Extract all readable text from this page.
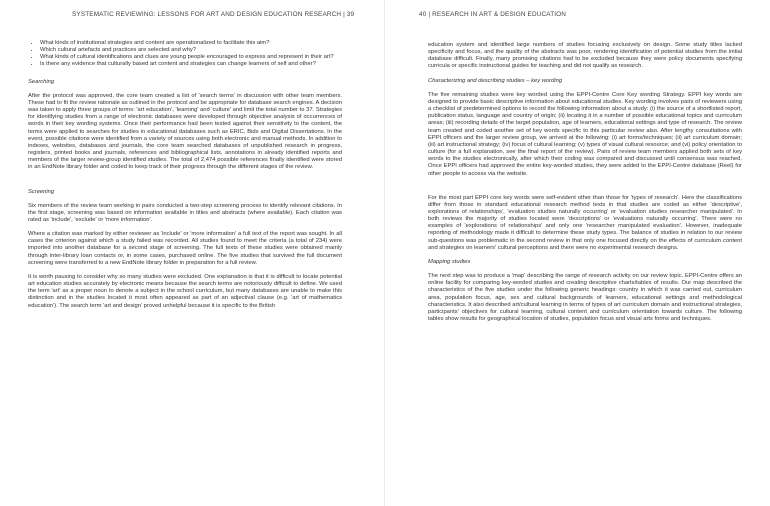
SYSTEMATIC REVIEWING: LESSONS FOR ART AND DESIGN EDUCATION RESEARCH | 39
• What kinds of institutional strategies and content are operationalized to facilitate this aim?
• Which cultural artefacts and practices are selected and why?
• What kinds of cultural identifications and clues are young people encouraged to express and represent in their art?
• Is there any evidence that culturally based art content and strategies can change learners of self and other?

Searching

After the protocol was approved, the core team created a list of 'search terms' in discussion with other team members. These had to fit the review rationale as outlined in the protocol and be appropriate for database search engines. A decision was taken to apply three groups of terms: 'art education', 'learning' and 'culture' and limit the total number to 37. Strategies for identifying studies from a range of electronic databases were developed through objective analysis of occurrences of words in their key wording systems. Once their performance had been tested against their sensitivity to the content, the terms were applied to searches for studies in educational databases such as ERIC, Bids and Digital Dissertations. In the event, possible citations were identified from a variety of sources using both electronic and manual methods. In addition to indexes, websites, databases and journals, the core team searched databases of unpublished research in progress, registers, printed books and journals, references and bibliographical lists, annotations in already identified reports and members of the larger review-group identified studies. The total of 2,474 possible references finally identified were stored in an EndNote library folder and coded to keep track of their progress through the different stages of the review.

Screening

Six members of the review team working in pairs conducted a two-step screening process to identify relevant citations. In the first stage, screening was based on information available in titles and abstracts (where available). Each citation was rated as 'include', 'exclude' or 'more information'.

Where a citation was marked by either reviewer as 'include' or 'more information' a full text of the report was sought. In all cases the criterion against which a study failed was recorded. All studies found to meet the criteria (a total of 234) were imported into another database for a second stage of screening. The full texts of these studies were obtained mainly through inter-library loan contacts or, in some cases, purchased online. The five studies that survived the full document screening were transferred to a new EndNote library folder in preparation for a full review.

It is worth pausing to consider why so many studies were excluded. One explanation is that it is difficult to locate potential art education studies accurately by electronic means because the search terms are notoriously difficult to define. We used the term 'art' as a proper noun to denote a subject in the school curriculum, but many databases are unable to make this distinction and in the studies located it most often appeared as part of an adjectival clause (e.g. 'art of mathematics education'). The search term 'art and design' proved unhelpful because it is specific to the British

40 | RESEARCH IN ART & DESIGN EDUCATION

education system and identified large numbers of studies focusing exclusively on design. Some study titles lacked specificity and focus, and the quality of the abstracts was poor, rendering identification of potential studies from the initial database difficult. Finally, many promising citations had to be excluded because they were policy documents specifying curricula or specific instructional guides for teaching and did not qualify as research.

Characterizing and describing studies – key wording

The five remaining studies were key worded using the EPPI-Centre Core Key wording Strategy. EPPI key words are designed to provide basic descriptive information about educational studies. Key wording involves pairs of reviewers using a checklist of predetermined options to record the following information about a study: (i) the source of a shortlisted report, publication status, language and country of origin; (ii) locating it in a number of possible educational topics and curriculum areas; (iii) recording details of the target population, age of learners, educational settings and type of research. The review team created and coded another set of key words specific to this particular review also. After lengthy consultations with EPPI officers and the larger review group, we arrived at the following: (i) art forms/techniques; (ii) art curriculum domain; (iii) art instructional strategy; (iv) focus of cultural learning; (v) types of visual cultural resource; and (vi) policy orientation to culture (for a full explanation, see the final report of the review). Pairs of review team members applied both sets of key words to the studies electronically, after which their coding was compared and discussed until consensus was reached. Once EPPI officers had approved the entire key-worded studies, they were added to the EPPI-Centre database (Reel) for other people to access via the website.

For the most part EPPI core key words were self-evident other than those for 'types of research'. Here the classifications differ from those in standard educational research method texts in that studies are coded as either 'descriptive', explorations of relationships', 'evaluation studies naturally occurring' or 'evaluation studies researcher manipulated'. In both reviews the majority of studies located were 'descriptions' or 'evaluations naturally occurring'. There were no examples of 'explorations of relationships' and only one 'researcher manipulated evaluation'. However, inadequate reporting of methodology made it difficult to determine these study types. The balance of studies in relation to our review sub-questions was problematic in the second review in that only one focused directly on the effects of curriculum content and strategies on learners' cultural perceptions and there were no experimental research designs.

Mapping studies

The next step was to produce a 'map' describing the range of research activity on our review topic. EPPI-Centre offers an online facility for comparing key-worded studies and creating descriptive charts/tables of results. Our map described the characteristics of the five studies under the following generic headings: country in which it was carried out, curriculum area, population focus, age, sex and cultural backgrounds of learners, educational settings and methodological characteristics. It also described art/cultural learning in terms of types of art curriculum domain and instructional strategies, participants' objectives for cultural learning, cultural content and curriculum orientation towards culture. The following tables show results for geographical location of studies, population focus and visual arts forms and techniques.
